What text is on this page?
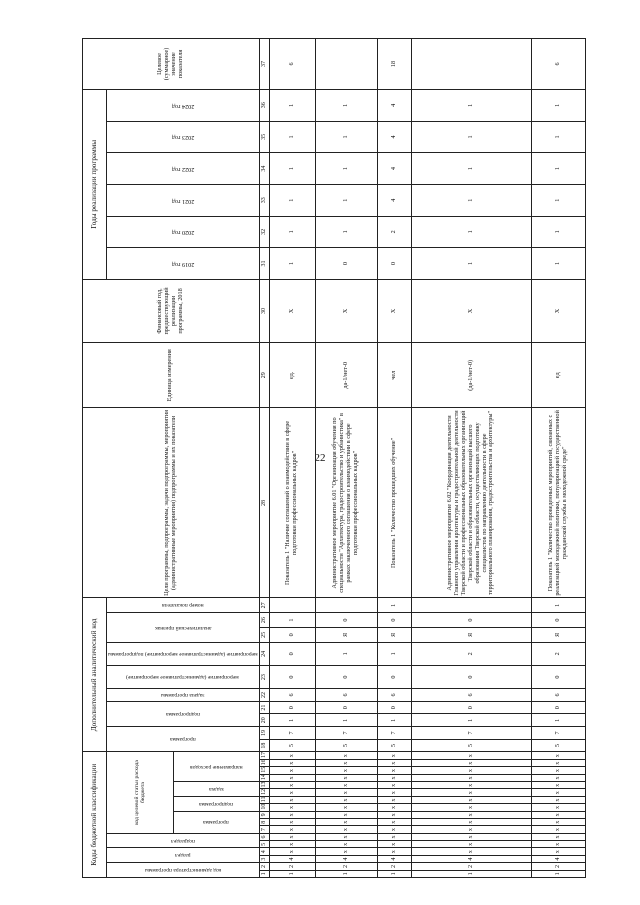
22
Коды бюджетной классификации																	Дополнительный аналитический код										Цели программы, подпрограммы, задачи подпрограммы, мероприятия (административные мероприятия) подпрограммы и их показатели	Единица измерения	Финансовый год, предшествующий реализации программы, 2018	Годы реализации программы						Целевое (суммарное) значение показателя

код администратора программы		раздел		подраздел		код целевой статьи расхода бюджета											программа		подпрограмма		задача программы	мероприятие (административное мероприятие)	мероприятие (административное мероприятие) подпрограммы	аналитический признак		номер показателя				2019 год	2020 год	2021 год	2022 год	2023 год	2024 год	

						программа			подпрограмма		задача		направление расходов																							

1	2	3	4	5	6	7	8	9	10	11	12	13	14	15	16	17	18	19	20	21	22	23	24	25	26	27	28	29	30	31	32	33	34	35	36	37
1	2	4	x	x	x	x	x	x	x	x	x	x	x	x	x	x	5	7	1	0	6	0	0	0	1		Показатель 1 "Наличие соглашений о взаимодействии в сфере подготовки профессиональных кадров"	ед.	X	1	1	1	1	1	1	6
1	2	4	x	x	x	x	x	x	x	x	x	x	x	x	x	x	5	7	1	0	6	0	1	Я	0		Административное мероприятие 6.01 "Организация обучения по специальности "Архитектура, градостроительство и урбанистика" в рамках заключенного соглашения о взаимодействии в сфере подготовки профессиональных кадров"	да-1/нет-0	X	0	1	1	1	1	1	
1	2	4	x	x	x	x	x	x	x	x	x	x	x	x	x	x	5	7	1	0	6	0	1	Я	0	1	Показатель 1 "Количество прошедших обучение"	чел	X	0	2	4	4	4	4	18
1	2	4	x	x	x	x	x	x	x	x	x	x	x	x	x	x	5	7	1	0	6	0	2	Я	0		Административное мероприятие 6.02 "Координация деятельности Главного управления архитектуры и градостроительной деятельности Тверской области и профессиональных образовательных организаций Тверской области и образовательных организаций высшего образования Тверской области, осуществляющих подготовку специалистов по направлению деятельности в сфере территориального планирования, градостроительства и архитектуры"	(да-1/нет-0)	X	1	1	1	1	1	1	
1	2	4	x	x	x	x	x	x	x	x	x	x	x	x	x	x	5	7	1	0	6	0	2	Я	0	1	Показатель 1 "Количество проведенных мероприятий, связанных с реализацией молодежной политики, популяризацией государственной гражданской службы в молодежной среде"	ед	X	1	1	1	1	1	1	6
